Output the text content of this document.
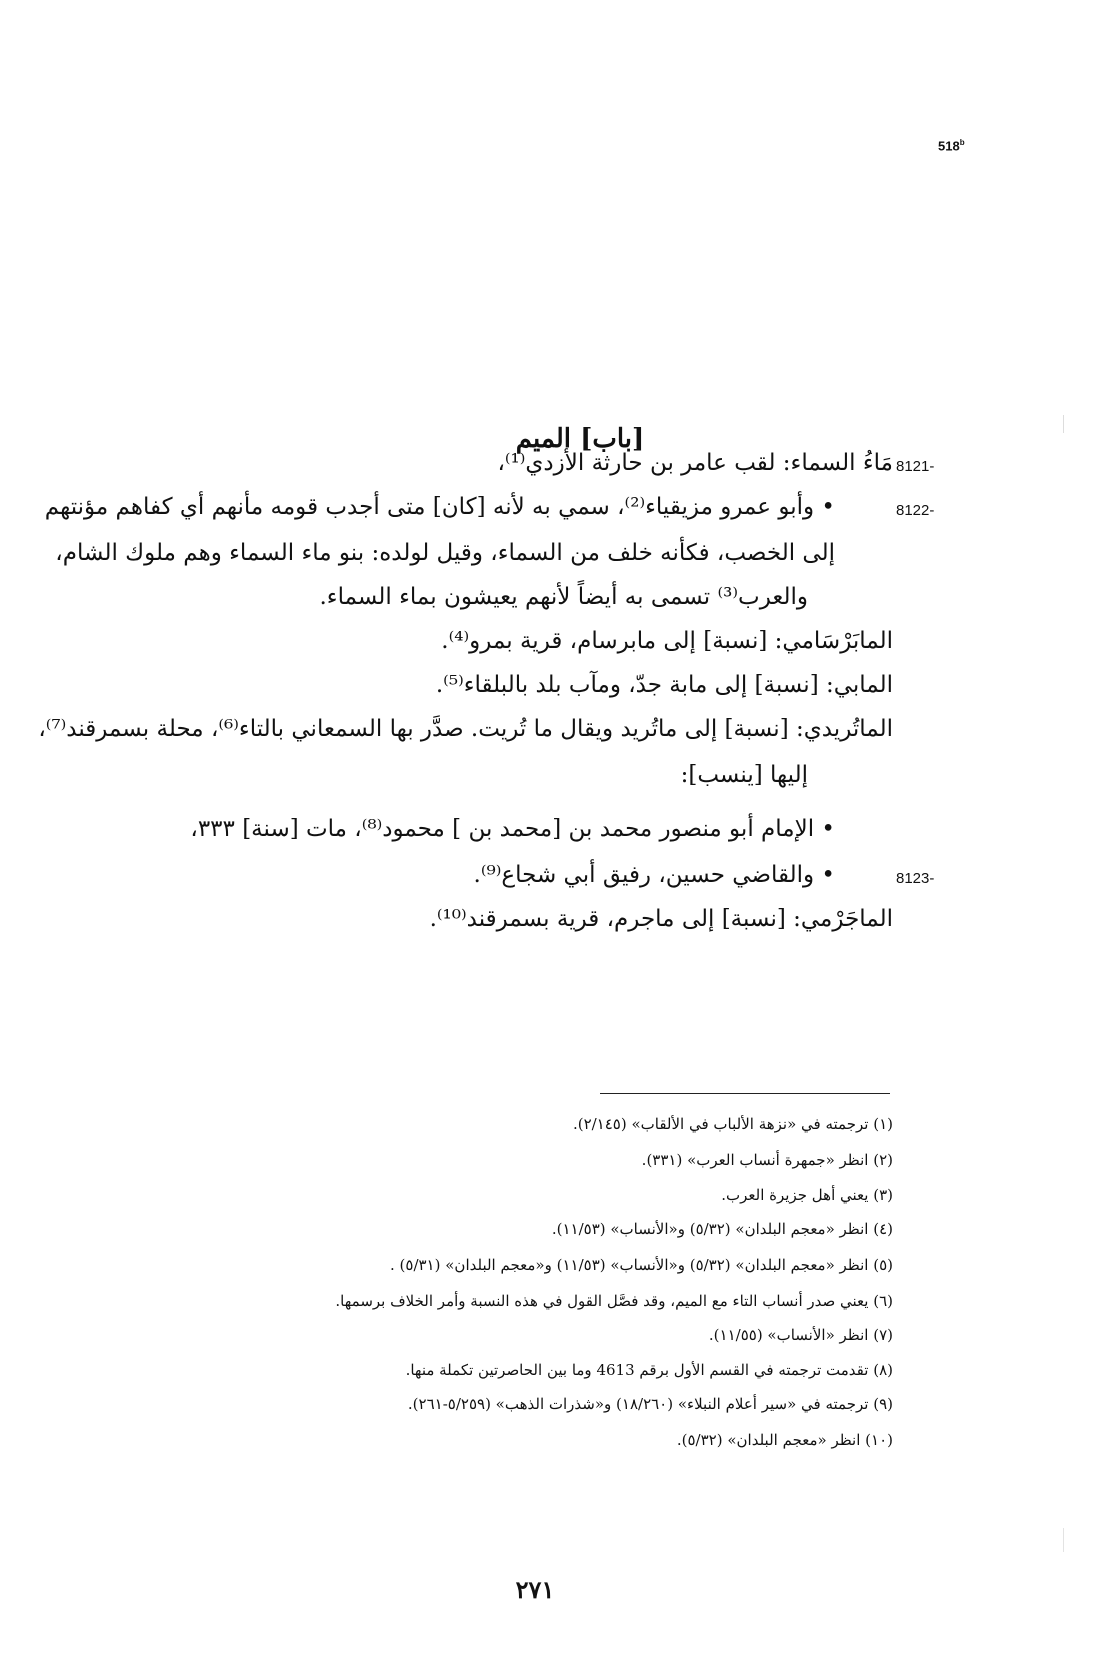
518$^b$
[باب] الميم
8121-
مَاءُ السماء: لقب عامر بن حارثة الأزدي⁽¹⁾،
8122-
• وأبو عمرو مزيقياء⁽²⁾، سمي به لأنه [كان] متى أجدب قومه مأنهم أي كفاهم مؤنتهم
إلى الخصب، فكأنه خلف من السماء، وقيل لولده: بنو ماء السماء وهم ملوك الشام،
والعرب⁽³⁾ تسمى به أيضاً لأنهم يعيشون بماء السماء.
المابَرْسَامي: [نسبة] إلى مابرسام، قرية بمرو⁽⁴⁾.
المابي: [نسبة] إلى مابة جدّ، ومآب بلد بالبلقاء⁽⁵⁾.
الماتُريدي: [نسبة] إلى ماتُريد ويقال ما تُريت. صدَّر بها السمعاني بالتاء⁽⁶⁾، محلة بسمرقند⁽⁷⁾،
إليها [ينسب]:
• الإمام أبو منصور محمد بن [محمد بن ] محمود⁽⁸⁾، مات [سنة] ٣٣٣،
8123-
• والقاضي حسين، رفيق أبي شجاع⁽⁹⁾.
الماجَرْمي: [نسبة] إلى ماجرم، قرية بسمرقند⁽¹⁰⁾.
(١) ترجمته في «نزهة الألباب في الألقاب» (٢/١٤٥).
(٢) انظر «جمهرة أنساب العرب» (٣٣١).
(٣) يعني أهل جزيرة العرب.
(٤) انظر «معجم البلدان» (٥/٣٢) و«الأنساب» (١١/٥٣).
(٥) انظر «معجم البلدان» (٥/٣٢) و«الأنساب» (١١/٥٣) و«معجم البلدان» (٥/٣١) .
(٦) يعني صدر أنساب التاء مع الميم، وقد فصَّل القول في هذه النسبة وأمر الخلاف برسمها.
(٧) انظر «الأنساب» (١١/٥٥).
(٨) تقدمت ترجمته في القسم الأول برقم 4613 وما بين الحاصرتين تكملة منها.
(٩) ترجمته في «سير أعلام النبلاء» (١٨/٢٦٠) و«شذرات الذهب» (٥/٢٥٩-٢٦١).
(١٠) انظر «معجم البلدان» (٥/٣٢).
٢٧١
